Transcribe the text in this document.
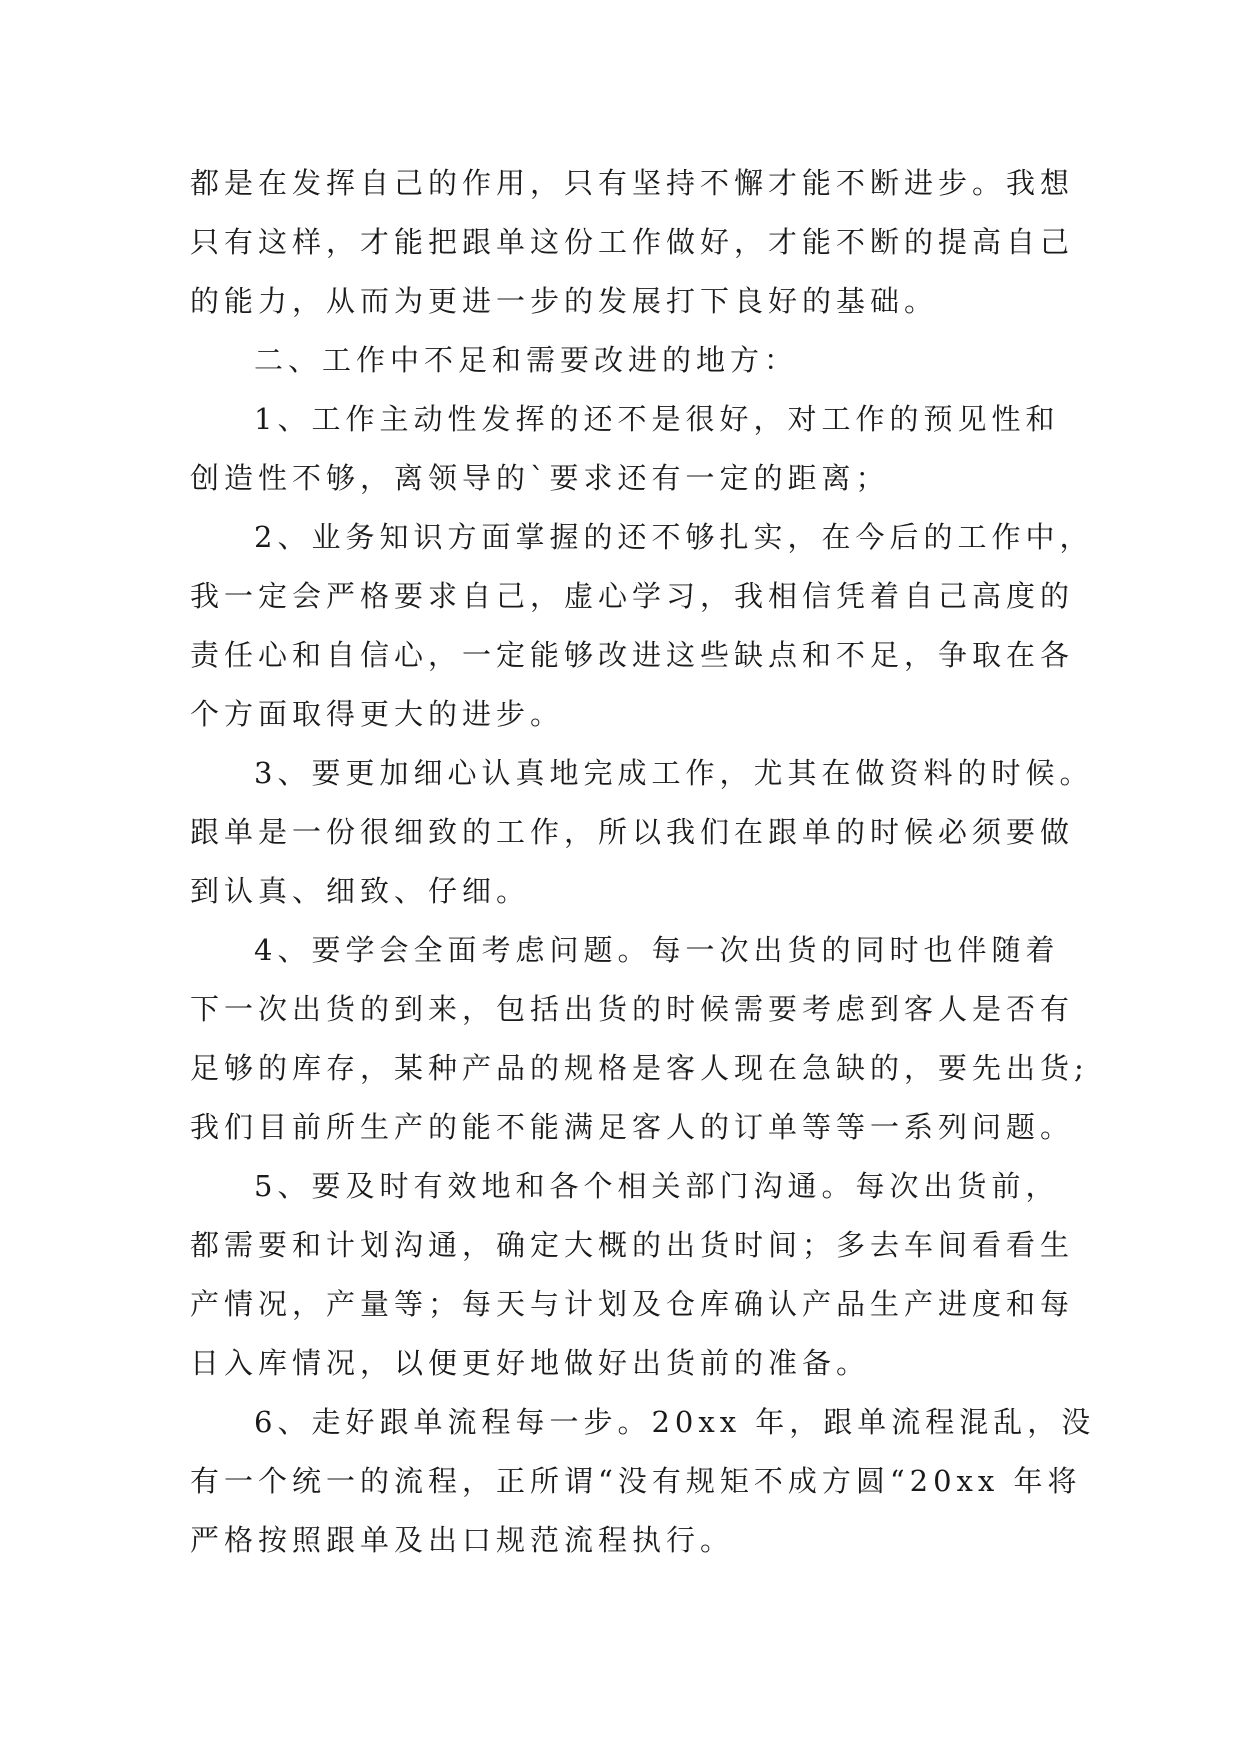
都是在发挥自己的作用，只有坚持不懈才能不断进步。我想
只有这样，才能把跟单这份工作做好，才能不断的提高自己
的能力，从而为更进一步的发展打下良好的基础。
二、工作中不足和需要改进的地方：
1、工作主动性发挥的还不是很好，对工作的预见性和
创造性不够，离领导的`要求还有一定的距离；
2、业务知识方面掌握的还不够扎实，在今后的工作中，
我一定会严格要求自己，虚心学习，我相信凭着自己高度的
责任心和自信心，一定能够改进这些缺点和不足，争取在各
个方面取得更大的进步。
3、要更加细心认真地完成工作，尤其在做资料的时候。
跟单是一份很细致的工作，所以我们在跟单的时候必须要做
到认真、细致、仔细。
4、要学会全面考虑问题。每一次出货的同时也伴随着
下一次出货的到来，包括出货的时候需要考虑到客人是否有
足够的库存，某种产品的规格是客人现在急缺的，要先出货;
我们目前所生产的能不能满足客人的订单等等一系列问题。
5、要及时有效地和各个相关部门沟通。每次出货前，
都需要和计划沟通，确定大概的出货时间；多去车间看看生
产情况，产量等；每天与计划及仓库确认产品生产进度和每
日入库情况，以便更好地做好出货前的准备。
6、走好跟单流程每一步。20xx 年，跟单流程混乱，没
有一个统一的流程，正所谓“没有规矩不成方圆“20xx 年将
严格按照跟单及出口规范流程执行。
